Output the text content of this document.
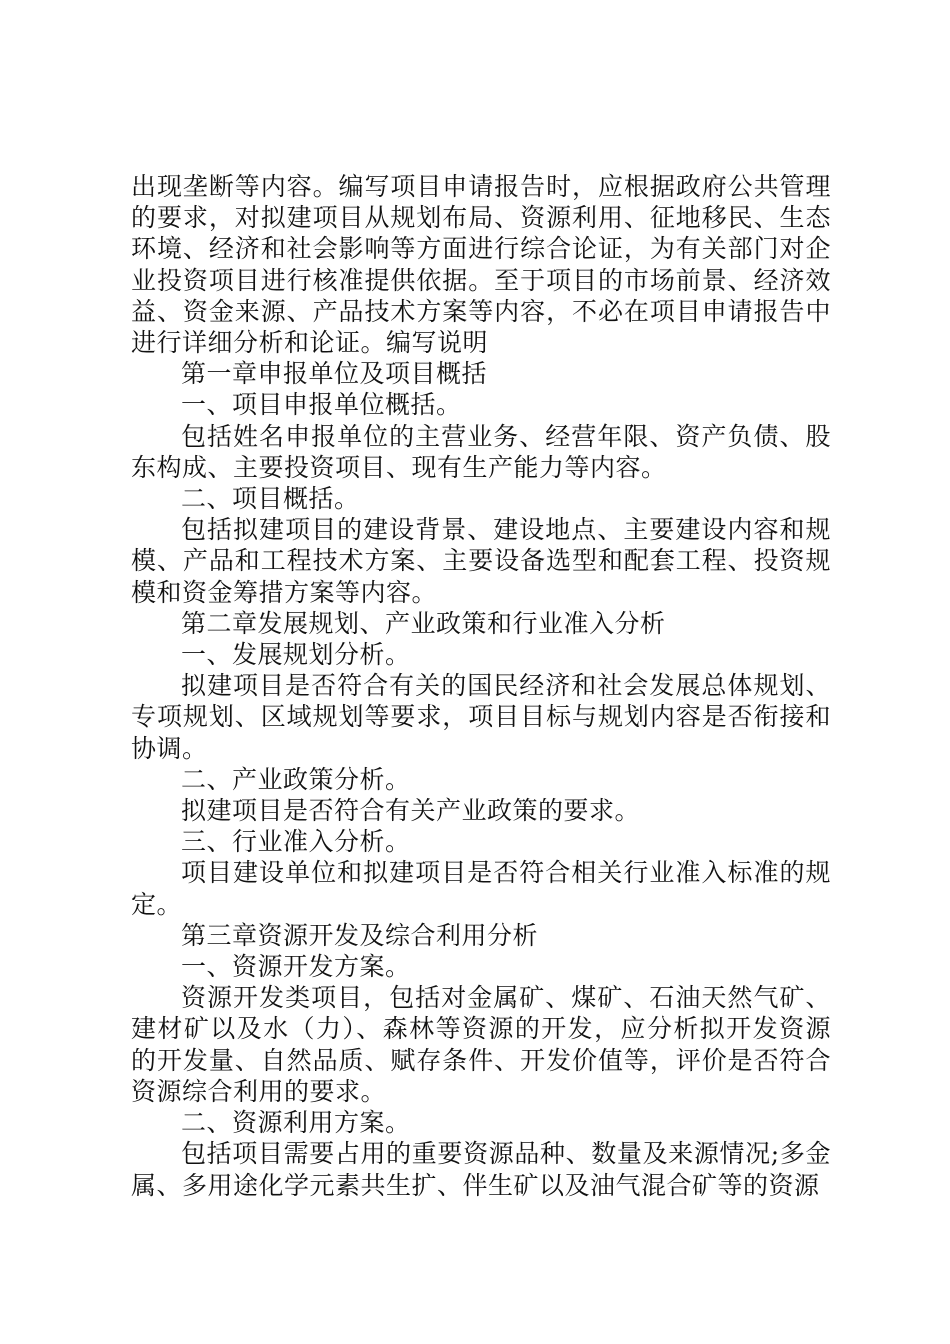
出现垄断等内容。编写项目申请报告时，应根据政府公共管理的要求，对拟建项目从规划布局、资源利用、征地移民、生态环境、经济和社会影响等方面进行综合论证，为有关部门对企业投资项目进行核准提供依据。至于项目的市场前景、经济效益、资金来源、产品技术方案等内容，不必在项目申请报告中进行详细分析和论证。编写说明

第一章申报单位及项目概括

一、项目申报单位概括。

包括姓名申报单位的主营业务、经营年限、资产负债、股东构成、主要投资项目、现有生产能力等内容。

二、项目概括。

包括拟建项目的建设背景、建设地点、主要建设内容和规模、产品和工程技术方案、主要设备选型和配套工程、投资规模和资金筹措方案等内容。

第二章发展规划、产业政策和行业准入分析

一、发展规划分析。

拟建项目是否符合有关的国民经济和社会发展总体规划、专项规划、区域规划等要求，项目目标与规划内容是否衔接和协调。

二、产业政策分析。

拟建项目是否符合有关产业政策的要求。

三、行业准入分析。

项目建设单位和拟建项目是否符合相关行业准入标准的规定。

第三章资源开发及综合利用分析

一、资源开发方案。

资源开发类项目，包括对金属矿、煤矿、石油天然气矿、建材矿以及水（力）、森林等资源的开发，应分析拟开发资源的开发量、自然品质、赋存条件、开发价值等，评价是否符合资源综合利用的要求。

二、资源利用方案。

包括项目需要占用的重要资源品种、数量及来源情况;多金属、多用途化学元素共生扩、伴生矿以及油气混合矿等的资源
